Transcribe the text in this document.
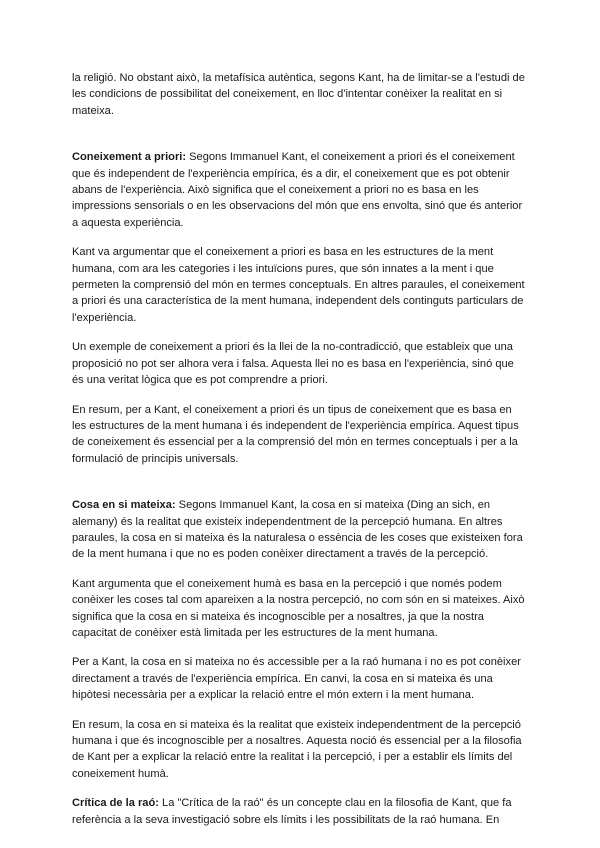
la religió. No obstant això, la metafísica autèntica, segons Kant, ha de limitar-se a l'estudi de les condicions de possibilitat del coneixement, en lloc d'intentar conèixer la realitat en si mateixa.

Coneixement a priori: Segons Immanuel Kant, el coneixement a priori és el coneixement que és independent de l'experiència empírica, és a dir, el coneixement que es pot obtenir abans de l'experiència. Això significa que el coneixement a priori no es basa en les impressions sensorials o en les observacions del món que ens envolta, sinó que és anterior a aquesta experiència.

Kant va argumentar que el coneixement a priori es basa en les estructures de la ment humana, com ara les categories i les intuïcions pures, que són innates a la ment i que permeten la comprensió del món en termes conceptuals. En altres paraules, el coneixement a priori és una característica de la ment humana, independent dels continguts particulars de l'experiència.

Un exemple de coneixement a priori és la llei de la no-contradicció, que estableix que una proposició no pot ser alhora vera i falsa. Aquesta llei no es basa en l'experiència, sinó que és una veritat lògica que es pot comprendre a priori.

En resum, per a Kant, el coneixement a priori és un tipus de coneixement que es basa en les estructures de la ment humana i és independent de l'experiència empírica. Aquest tipus de coneixement és essencial per a la comprensió del món en termes conceptuals i per a la formulació de principis universals.

Cosa en si mateixa: Segons Immanuel Kant, la cosa en si mateixa (Ding an sich, en alemany) és la realitat que existeix independentment de la percepció humana. En altres paraules, la cosa en si mateixa és la naturalesa o essència de les coses que existeixen fora de la ment humana i que no es poden conèixer directament a través de la percepció.

Kant argumenta que el coneixement humà es basa en la percepció i que només podem conèixer les coses tal com apareixen a la nostra percepció, no com són en si mateixes. Això significa que la cosa en si mateixa és incognoscible per a nosaltres, ja que la nostra capacitat de conèixer està limitada per les estructures de la ment humana.

Per a Kant, la cosa en si mateixa no és accessible per a la raó humana i no es pot conèixer directament a través de l'experiència empírica. En canvi, la cosa en si mateixa és una hipòtesi necessària per a explicar la relació entre el món extern i la ment humana.

En resum, la cosa en si mateixa és la realitat que existeix independentment de la percepció humana i que és incognoscible per a nosaltres. Aquesta noció és essencial per a la filosofia de Kant per a explicar la relació entre la realitat i la percepció, i per a establir els límits del coneixement humà.

Crítica de la raó: La "Crítica de la raó" és un concepte clau en la filosofia de Kant, que fa referència a la seva investigació sobre els límits i les possibilitats de la raó humana. En
